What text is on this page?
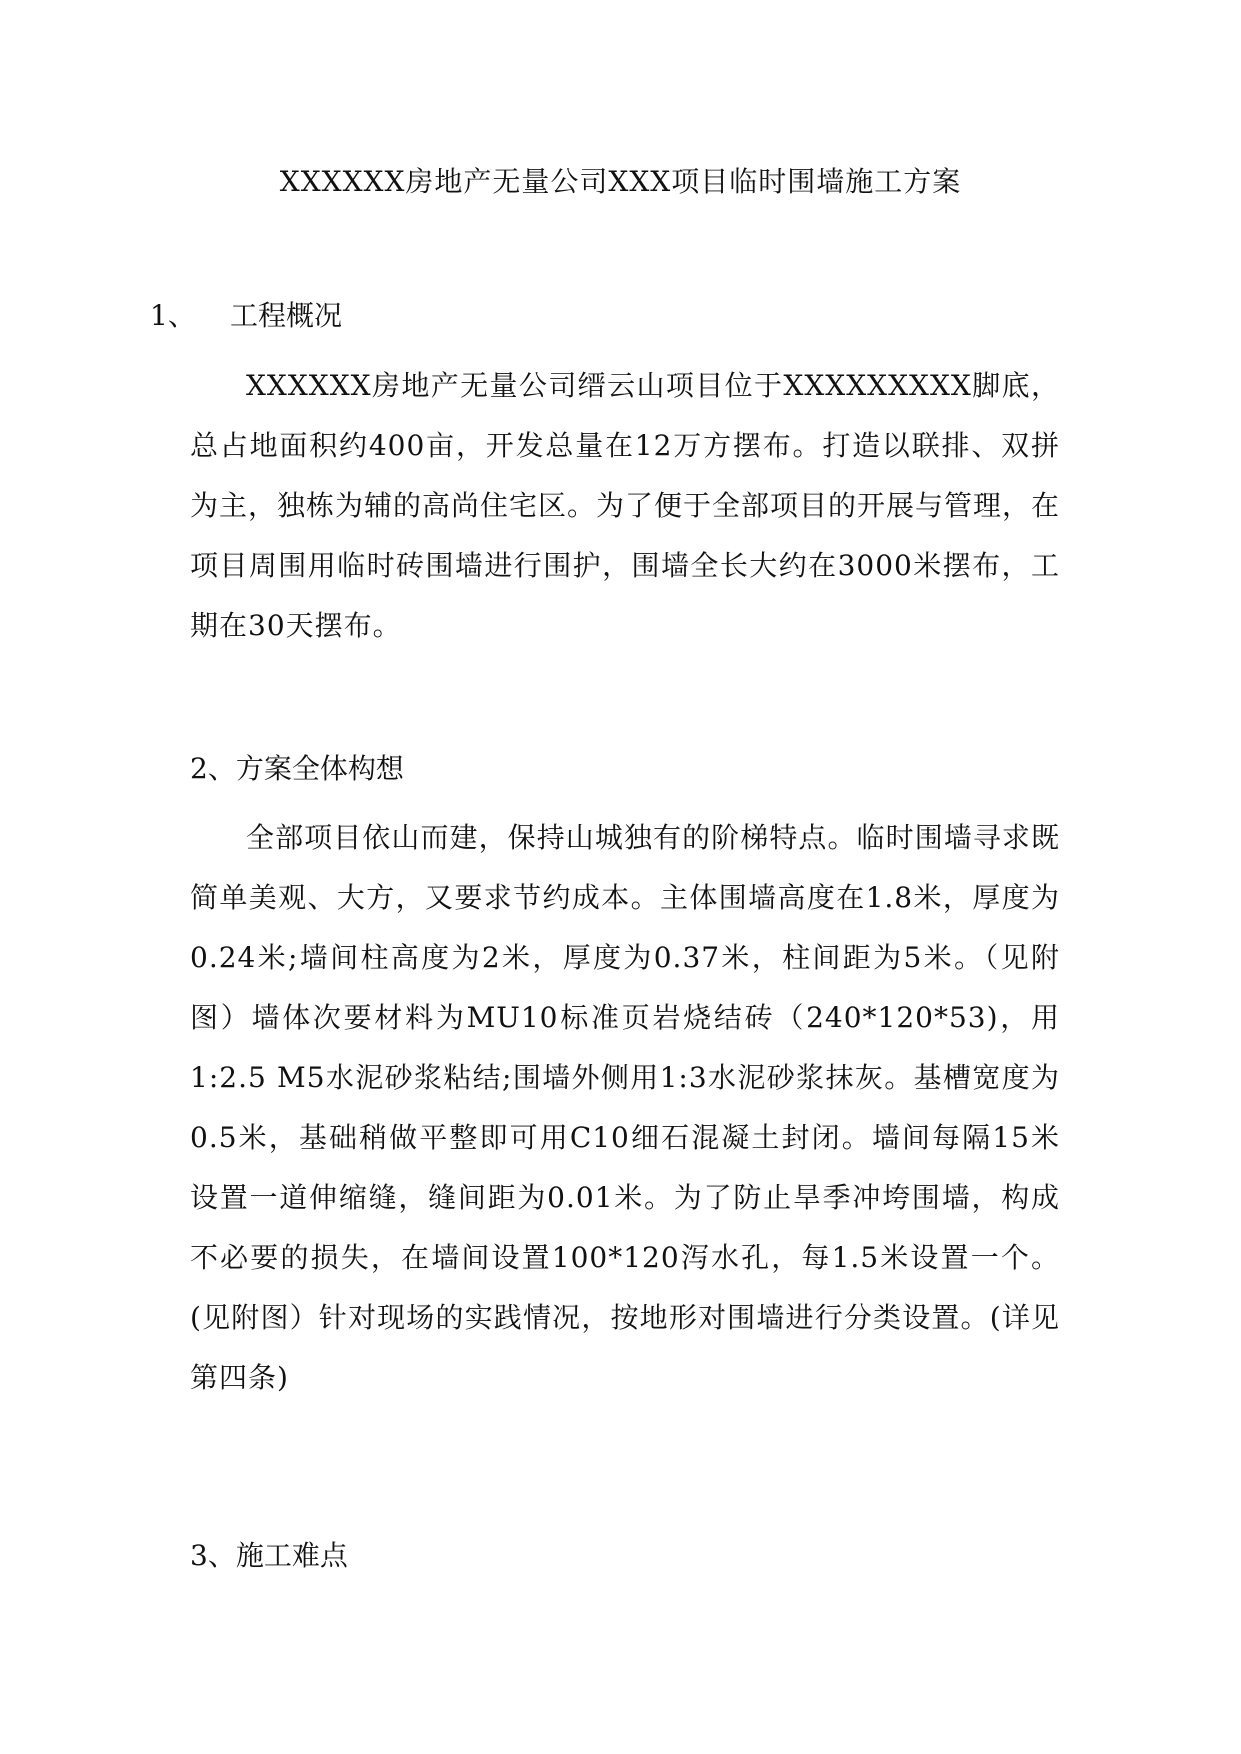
XXXXXX房地产无量公司XXX项目临时围墙施工方案
1、 工程概况
XXXXXX房地产无量公司缙云山项目位于XXXXXXXXX脚底，总占地面积约400亩，开发总量在12万方摆布。打造以联排、双拼为主，独栋为辅的高尚住宅区。为了便于全部项目的开展与管理，在项目周围用临时砖围墙进行围护，围墙全长大约在3000米摆布，工期在30天摆布。
2、方案全体构想
全部项目依山而建，保持山城独有的阶梯特点。临时围墙寻求既简单美观、大方，又要求节约成本。主体围墙高度在1.8米，厚度为0.24米;墙间柱高度为2米，厚度为0.37米，柱间距为5米。（见附图）墙体次要材料为MU10标准页岩烧结砖（240*120*53)，用1:2.5 M5水泥砂浆粘结;围墙外侧用1:3水泥砂浆抹灰。基槽宽度为0.5米，基础稍做平整即可用C10细石混凝土封闭。墙间每隔15米设置一道伸缩缝，缝间距为0.01米。为了防止旱季冲垮围墙，构成不必要的损失，在墙间设置100*120泻水孔，每1.5米设置一个。(见附图）针对现场的实践情况，按地形对围墙进行分类设置。(详见第四条)
3、施工难点
